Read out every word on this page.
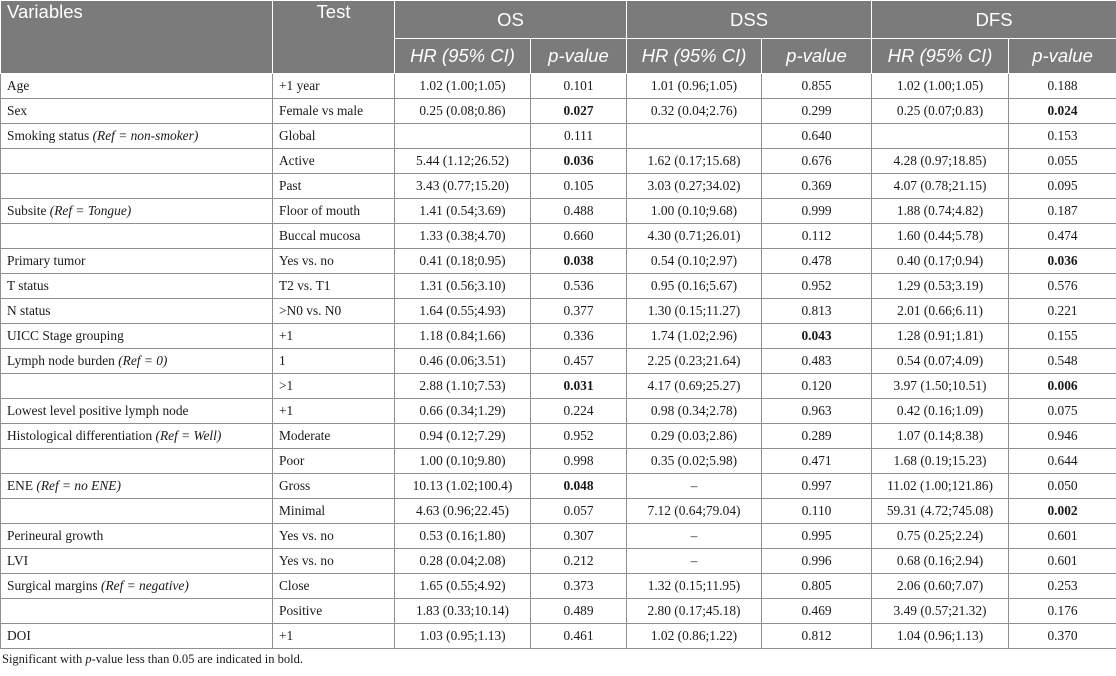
Variables	Test	OS		DSS		DFS	
		HR (95% CI)	p-value	HR (95% CI)	p-value	HR (95% CI)	p-value
Age	+1 year	1.02 (1.00;1.05)	0.101	1.01 (0.96;1.05)	0.855	1.02 (1.00;1.05)	0.188
Sex	Female vs male	0.25 (0.08;0.86)	0.027	0.32 (0.04;2.76)	0.299	0.25 (0.07;0.83)	0.024
Smoking status (Ref = non-smoker)	Global		0.111		0.640		0.153
	Active	5.44 (1.12;26.52)	0.036	1.62 (0.17;15.68)	0.676	4.28 (0.97;18.85)	0.055
	Past	3.43 (0.77;15.20)	0.105	3.03 (0.27;34.02)	0.369	4.07 (0.78;21.15)	0.095
Subsite (Ref = Tongue)	Floor of mouth	1.41 (0.54;3.69)	0.488	1.00 (0.10;9.68)	0.999	1.88 (0.74;4.82)	0.187
	Buccal mucosa	1.33 (0.38;4.70)	0.660	4.30 (0.71;26.01)	0.112	1.60 (0.44;5.78)	0.474
Primary tumor	Yes vs. no	0.41 (0.18;0.95)	0.038	0.54 (0.10;2.97)	0.478	0.40 (0.17;0.94)	0.036
T status	T2 vs. T1	1.31 (0.56;3.10)	0.536	0.95 (0.16;5.67)	0.952	1.29 (0.53;3.19)	0.576
N status	>N0 vs. N0	1.64 (0.55;4.93)	0.377	1.30 (0.15;11.27)	0.813	2.01 (0.66;6.11)	0.221
UICC Stage grouping	+1	1.18 (0.84;1.66)	0.336	1.74 (1.02;2.96)	0.043	1.28 (0.91;1.81)	0.155
Lymph node burden (Ref = 0)	1	0.46 (0.06;3.51)	0.457	2.25 (0.23;21.64)	0.483	0.54 (0.07;4.09)	0.548
	>1	2.88 (1.10;7.53)	0.031	4.17 (0.69;25.27)	0.120	3.97 (1.50;10.51)	0.006
Lowest level positive lymph node	+1	0.66 (0.34;1.29)	0.224	0.98 (0.34;2.78)	0.963	0.42 (0.16;1.09)	0.075
Histological differentiation (Ref = Well)	Moderate	0.94 (0.12;7.29)	0.952	0.29 (0.03;2.86)	0.289	1.07 (0.14;8.38)	0.946
	Poor	1.00 (0.10;9.80)	0.998	0.35 (0.02;5.98)	0.471	1.68 (0.19;15.23)	0.644
ENE (Ref = no ENE)	Gross	10.13 (1.02;100.4)	0.048	–	0.997	11.02 (1.00;121.86)	0.050
	Minimal	4.63 (0.96;22.45)	0.057	7.12 (0.64;79.04)	0.110	59.31 (4.72;745.08)	0.002
Perineural growth	Yes vs. no	0.53 (0.16;1.80)	0.307	–	0.995	0.75 (0.25;2.24)	0.601
LVI	Yes vs. no	0.28 (0.04;2.08)	0.212	–	0.996	0.68 (0.16;2.94)	0.601
Surgical margins (Ref = negative)	Close	1.65 (0.55;4.92)	0.373	1.32 (0.15;11.95)	0.805	2.06 (0.60;7.07)	0.253
	Positive	1.83 (0.33;10.14)	0.489	2.80 (0.17;45.18)	0.469	3.49 (0.57;21.32)	0.176
DOI	+1	1.03 (0.95;1.13)	0.461	1.02 (0.86;1.22)	0.812	1.04 (0.96;1.13)	0.370
Significant with p-value less than 0.05 are indicated in bold.
